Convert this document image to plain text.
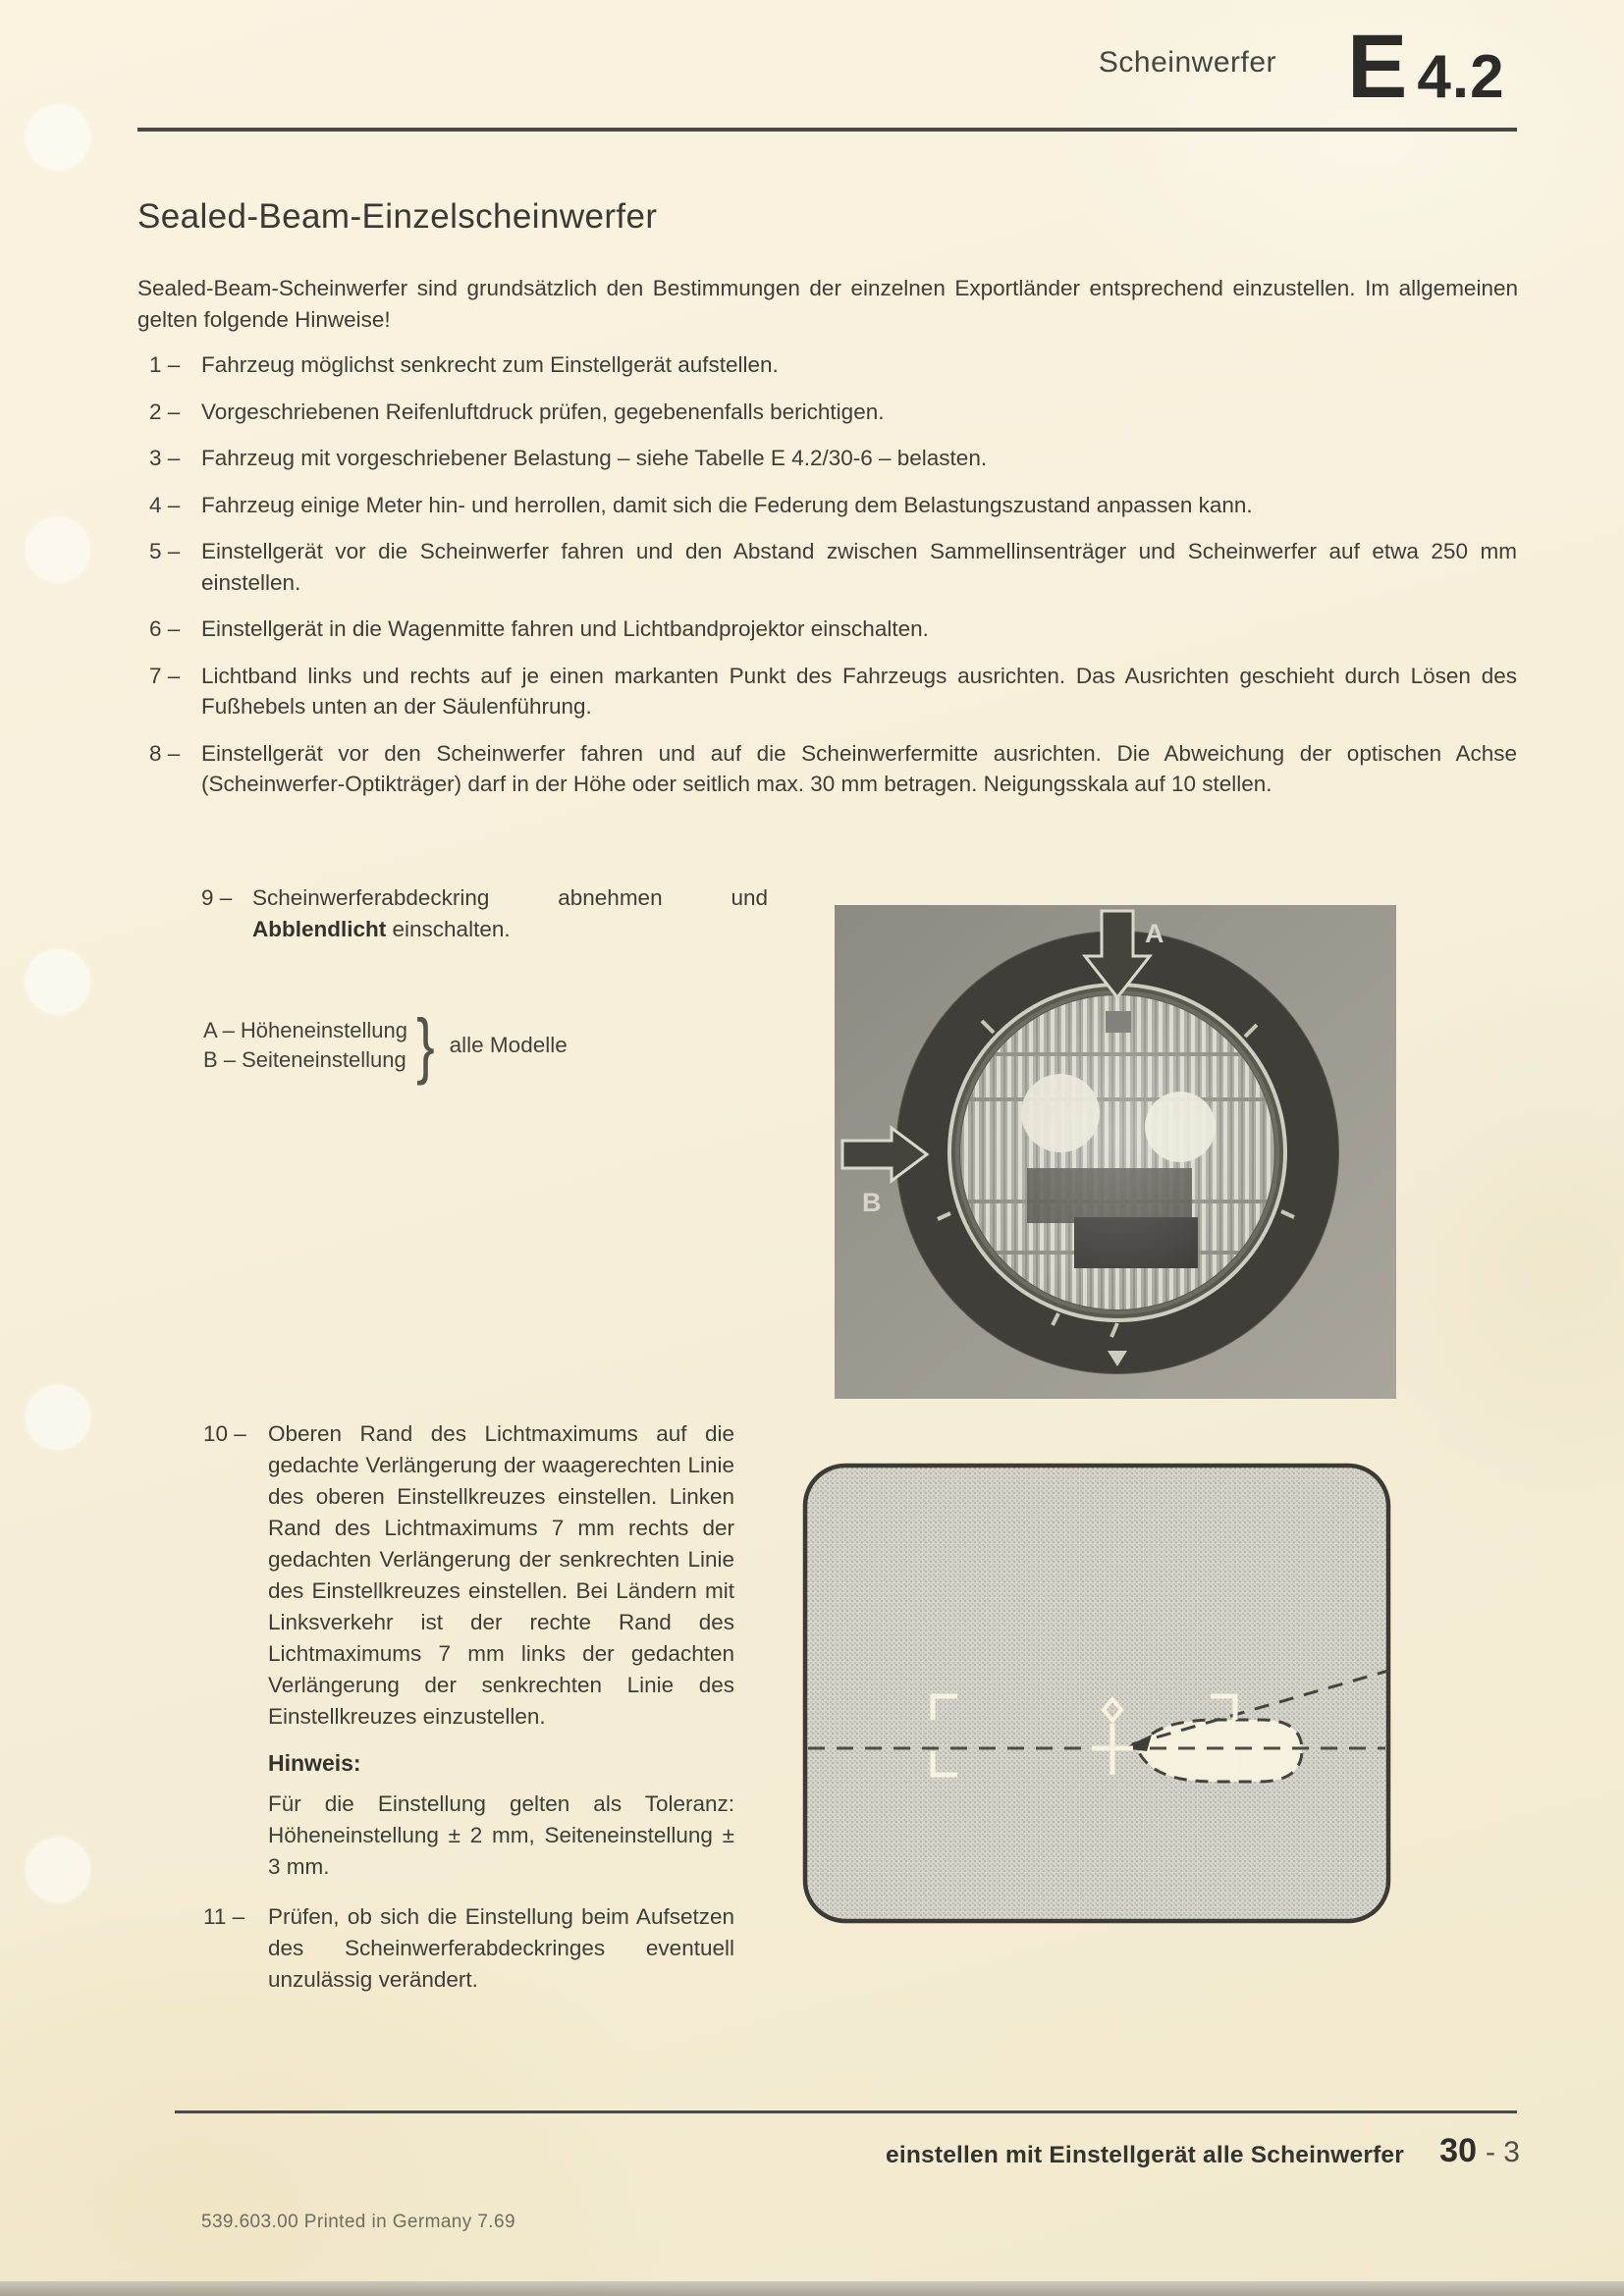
Scheinwerfer E 4.2
Sealed-Beam-Einzelscheinwerfer
Sealed-Beam-Scheinwerfer sind grundsätzlich den Bestimmungen der einzelnen Exportländer entsprechend einzustellen. Im allgemeinen gelten folgende Hinweise!
1 – Fahrzeug möglichst senkrecht zum Einstellgerät aufstellen.
2 – Vorgeschriebenen Reifenluftdruck prüfen, gegebenenfalls berichtigen.
3 – Fahrzeug mit vorgeschriebener Belastung – siehe Tabelle E 4.2/30-6 – belasten.
4 – Fahrzeug einige Meter hin- und herrollen, damit sich die Federung dem Belastungszustand anpassen kann.
5 – Einstellgerät vor die Scheinwerfer fahren und den Abstand zwischen Sammellinsenträger und Scheinwerfer auf etwa 250 mm einstellen.
6 – Einstellgerät in die Wagenmitte fahren und Lichtbandprojektor einschalten.
7 – Lichtband links und rechts auf je einen markanten Punkt des Fahrzeugs ausrichten. Das Ausrichten geschieht durch Lösen des Fußhebels unten an der Säulenführung.
8 – Einstellgerät vor den Scheinwerfer fahren und auf die Scheinwerfermitte ausrichten. Die Abweichung der optischen Achse (Scheinwerfer-Optikträger) darf in der Höhe oder seitlich max. 30 mm betragen. Neigungsskala auf 10 stellen.
9 – Scheinwerferabdeckring abnehmen und Abblendlicht einschalten.
A – Höheneinstellung
B – Seiteneinstellung } alle Modelle
A
B
10 – Oberen Rand des Lichtmaximums auf die gedachte Verlängerung der waagerechten Linie des oberen Einstellkreuzes einstellen. Linken Rand des Lichtmaximums 7 mm rechts der gedachten Verlängerung der senkrechten Linie des Einstellkreuzes einstellen. Bei Ländern mit Linksverkehr ist der rechte Rand des Lichtmaximums 7 mm links der gedachten Verlängerung der senkrechten Linie des Einstellkreuzes einzustellen.
Hinweis:
Für die Einstellung gelten als Toleranz: Höheneinstellung ± 2 mm, Seiteneinstellung ± 3 mm.
11 –	Prüfen, ob sich die Einstellung beim Aufsetzen des Scheinwerferabdeckringes eventuell unzulässig verändert.
einstellen mit Einstellgerät alle Scheinwerfer 30 - 3
539.603.00 Printed in Germany 7.69
